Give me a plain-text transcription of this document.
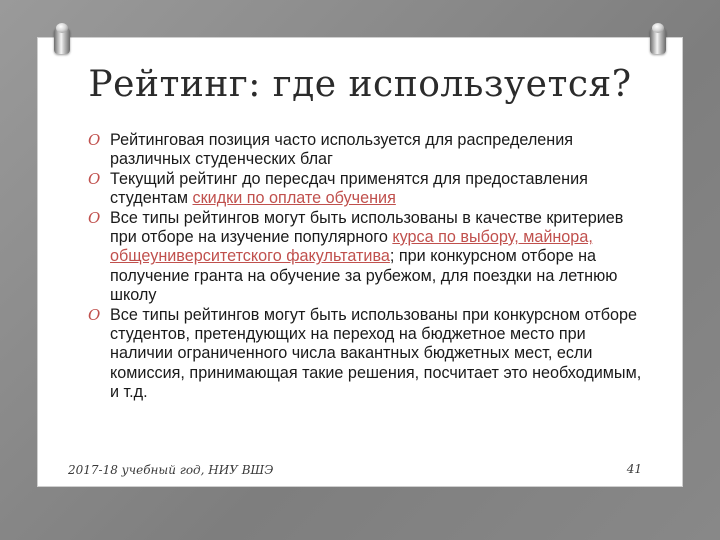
Рейтинг: где используется?
O Рейтинговая позиция часто используется для распределения различных студенческих благ
O Текущий рейтинг до пересдач применятся для предоставления студентам скидки по оплате обучения
O Все типы рейтингов могут быть использованы в качестве критериев при отборе на изучение популярного курса по выбору, майнора, общеуниверситетского факультатива; при конкурсном отборе на получение гранта на обучение за рубежом, для поездки на летнюю школу
O Все типы рейтингов могут быть использованы при конкурсном отборе студентов, претендующих на переход на бюджетное место при наличии ограниченного числа вакантных бюджетных мест, если комиссия, принимающая такие решения, посчитает это необходимым, и т.д.
2017-18 учебный год, НИУ ВШЭ	41
